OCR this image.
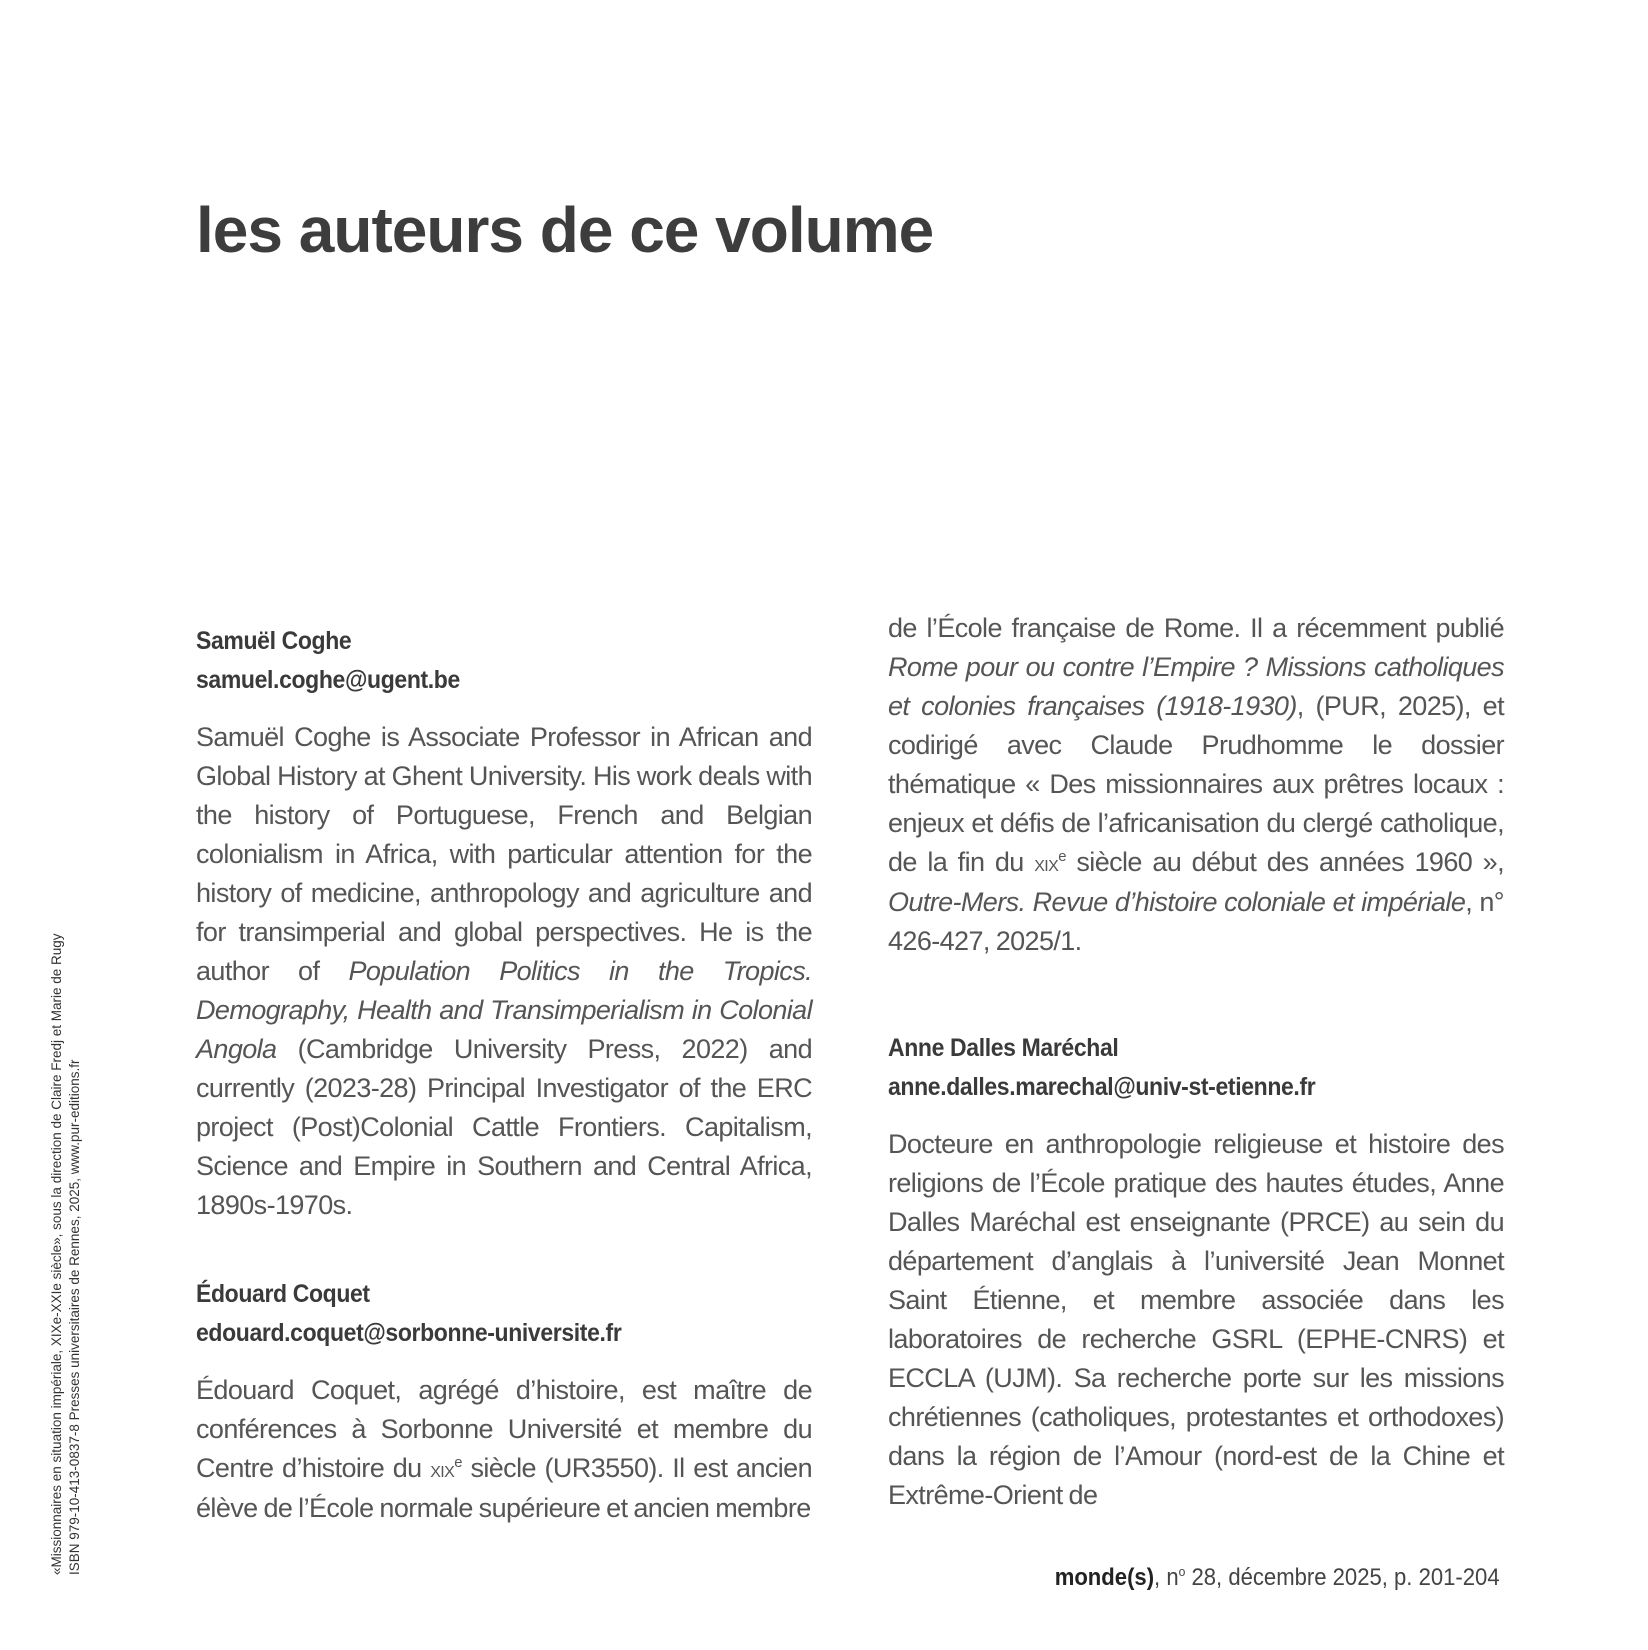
les auteurs de ce volume
«Missionnaires en situation impériale, XIXe-XXIe siècle», sous la direction de Claire Fredj et Marie de Rugy ISBN 979-10-413-0837-8 Presses universitaires de Rennes, 2025, www.pur-editions.fr
Samuël Coghe
samuel.coghe@ugent.be

Samuël Coghe is Associate Professor in African and Global History at Ghent University. His work deals with the history of Portuguese, French and Belgian colonialism in Africa, with particular attention for the history of medicine, anthropology and agriculture and for transimperial and global perspectives. He is the author of Population Politics in the Tropics. Demography, Health and Transimperialism in Colonial Angola (Cambridge University Press, 2022) and currently (2023-28) Principal Investigator of the ERC project (Post)Colonial Cattle Frontiers. Capitalism, Science and Empire in Southern and Central Africa, 1890s-1970s.

Édouard Coquet
edouard.coquet@sorbonne-universite.fr

Édouard Coquet, agrégé d’histoire, est maître de conférences à Sorbonne Université et membre du Centre d’histoire du xix$^e$ siècle (UR3550). Il est ancien élève de l’École normale supérieure et ancien membre

de l’École française de Rome. Il a récemment publié Rome pour ou contre l’Empire ? Missions catholiques et colonies françaises (1918-1930), (PUR, 2025), et codirigé avec Claude Prudhomme le dossier thématique « Des missionnaires aux prêtres locaux : enjeux et défis de l’africanisation du clergé catholique, de la fin du xix$^e$ siècle au début des années 1960 », Outre-Mers. Revue d’histoire coloniale et impériale, n° 426-427, 2025/1.

Anne Dalles Maréchal
anne.dalles.marechal@univ-st-etienne.fr

Docteure en anthropologie religieuse et histoire des religions de l’École pratique des hautes études, Anne Dalles Maréchal est enseignante (PRCE) au sein du département d’anglais à l’université Jean Monnet Saint Étienne, et membre associée dans les laboratoires de recherche GSRL (EPHE-CNRS) et ECCLA (UJM). Sa recherche porte sur les missions chrétiennes (catholiques, protestantes et orthodoxes) dans la région de l’Amour (nord-est de la Chine et Extrême-Orient de

monde(s), $n^o$ 28, décembre 2025, p. 201-204
